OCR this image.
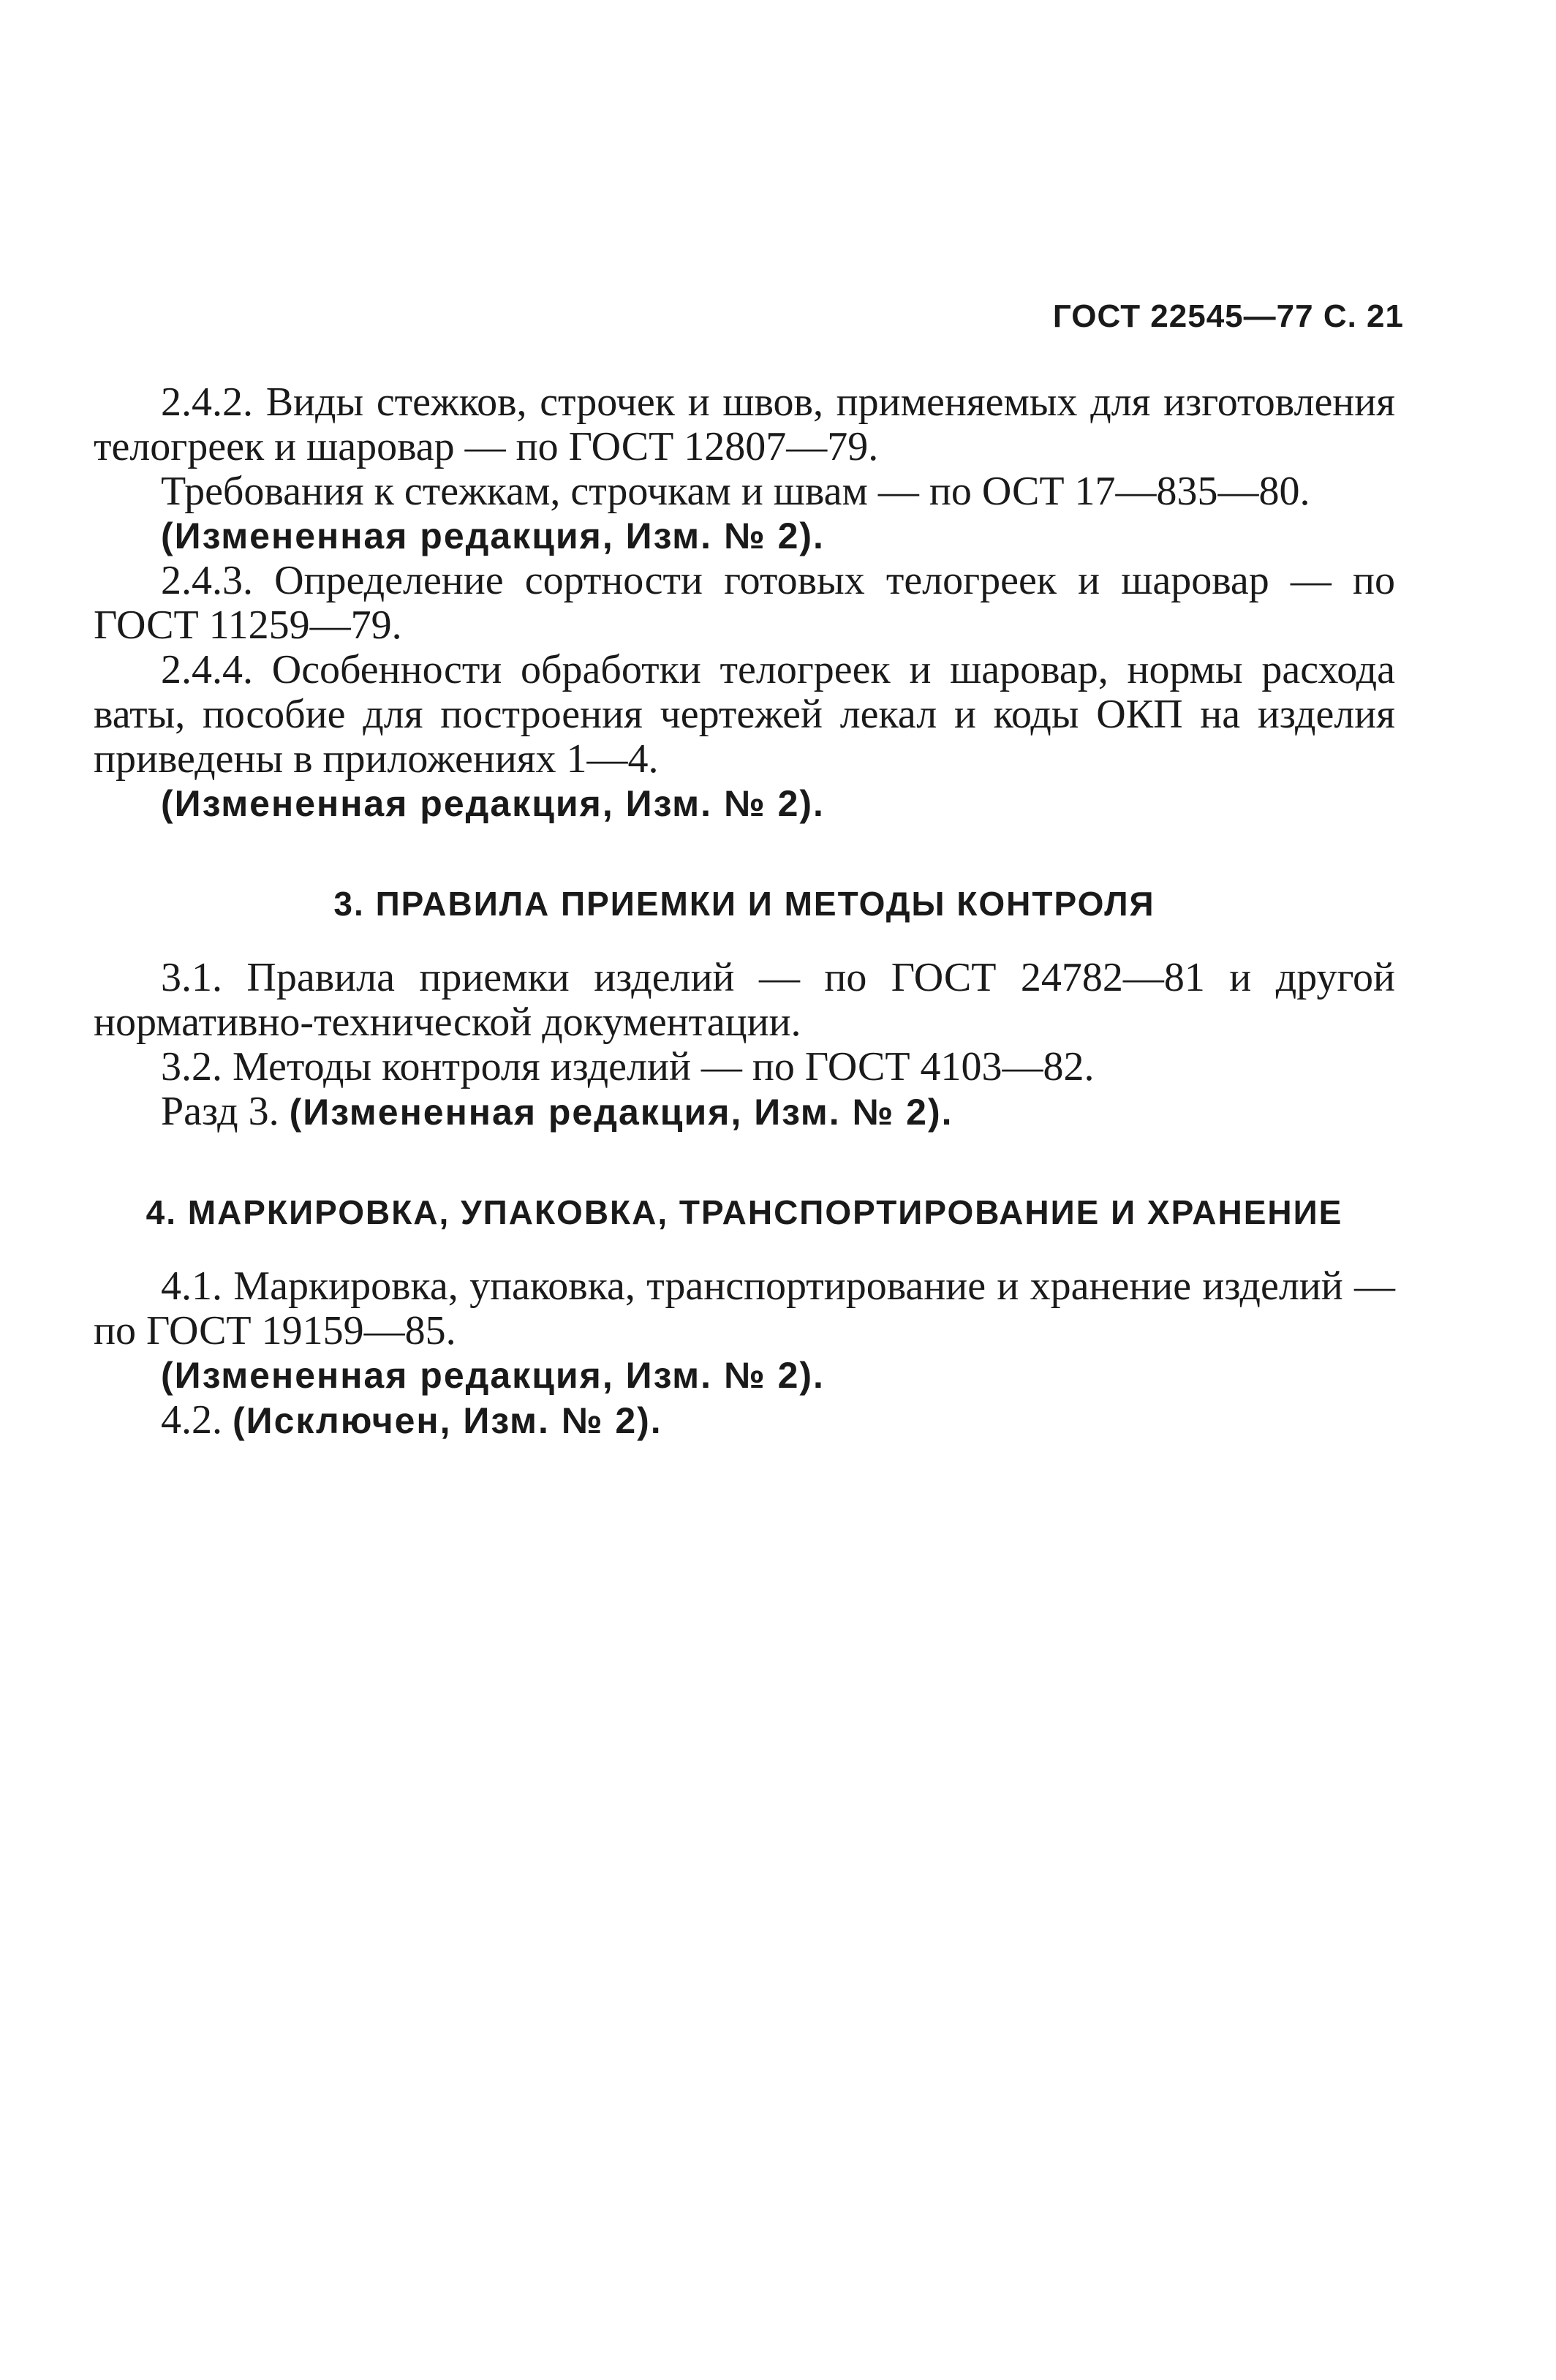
ГОСТ 22545—77 С. 21

2.4.2. Виды стежков, строчек и швов, применяемых для изготовления телогреек и шаровар — по ГОСТ 12807—79.

Требования к стежкам, строчкам и швам — по ОСТ 17—835—80.

(Измененная редакция, Изм. № 2).

2.4.3. Определение сортности готовых телогреек и шаровар — по ГОСТ 11259—79.

2.4.4. Особенности обработки телогреек и шаровар, нормы расхода ваты, пособие для построения чертежей лекал и коды ОКП на изделия приведены в приложениях 1—4.

(Измененная редакция, Изм. № 2).

3. ПРАВИЛА ПРИЕМКИ И МЕТОДЫ КОНТРОЛЯ

3.1. Правила приемки изделий — по ГОСТ 24782—81 и другой нормативно-технической документации.

3.2. Методы контроля изделий — по ГОСТ 4103—82.

Разд 3. (Измененная редакция, Изм. № 2).

4. МАРКИРОВКА, УПАКОВКА, ТРАНСПОРТИРОВАНИЕ И ХРАНЕНИЕ

4.1. Маркировка, упаковка, транспортирование и хранение изделий — по ГОСТ 19159—85.

(Измененная редакция, Изм. № 2).

4.2. (Исключен, Изм. № 2).
